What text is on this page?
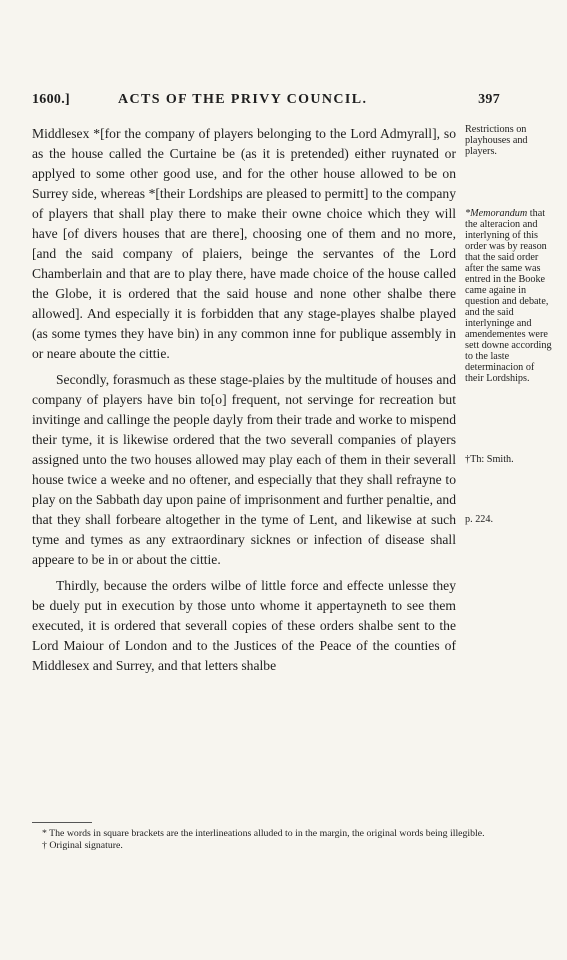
1600.]	ACTS OF THE PRIVY COUNCIL.	397

Middlesex *[for the company of players belonging to the Lord Admyrall], so as the house called the Curtaine be (as it is pretended) either ruynated or applyed to some other good use, and for the other house allowed to be on Surrey side, whereas *[their Lordships are pleased to permitt] to the company of players that shall play there to make their owne choice which they will have [of divers houses that are there], choosing one of them and no more, [and the said company of plaiers, beinge the servantes of the Lord Chamberlain and that are to play there, have made choice of the house called the Globe, it is ordered that the said house and none other shalbe there allowed]. And especially it is forbidden that any stage-playes shalbe played (as some tymes they have bin) in any common inne for publique assembly in or neare aboute the cittie.

Secondly, forasmuch as these stage-plaies by the multitude of houses and company of players have bin to[o] frequent, not servinge for recreation but invitinge and callinge the people dayly from their trade and worke to mispend their tyme, it is likewise ordered that the two severall companies of players assigned unto the two houses allowed may play each of them in their severall house twice a weeke and no oftener, and especially that they shall refrayne to play on the Sabbath day upon paine of imprisonment and further penaltie, and that they shall forbeare altogether in the tyme of Lent, and likewise at such tyme and tymes as any extraordinary sicknes or infection of disease shall appeare to be in or about the cittie.

Thirdly, because the orders wilbe of little force and effecte unlesse they be duely put in execution by those unto whome it appertayneth to see them executed, it is ordered that severall copies of these orders shalbe sent to the Lord Maiour of London and to the Justices of the Peace of the counties of Middlesex and Surrey, and that letters shalbe

Restrictions on playhouses and players.
*Memorandum that the alteracion and interlyning of this order was by reason that the said order after the same was entred in the Booke came againe in question and debate, and the said interlyninge and amendementes were sett downe according to the laste determinacion of their Lordships.
†Th: Smith.
p. 224.
* The words in square brackets are the interlineations alluded to in the margin, the original words being illegible.
† Original signature.
